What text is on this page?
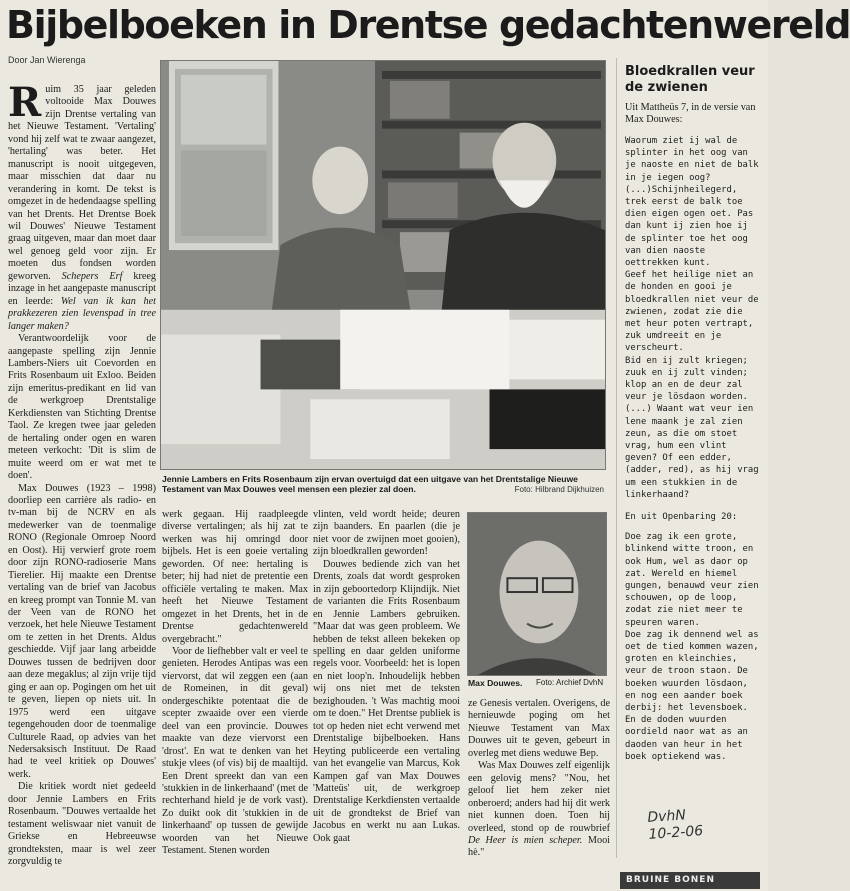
Bijbelboeken in Drentse gedachtenwereld
Door Jan Wierenga

Ruim 35 jaar geleden voltooide Max Douwes zijn Drentse vertaling van het Nieuwe Testament. 'Vertaling' vond hij zelf wat te zwaar aangezet, 'hertaling' was beter. Het manuscript is nooit uitgegeven, maar misschien dat daar nu verandering in komt. De tekst is omgezet in de hedendaagse spelling van het Drents. Het Drentse Boek wil Douwes' Nieuwe Testament graag uitgeven, maar dan moet daar wel genoeg geld voor zijn. Er moeten dus fondsen worden geworven. Schepers Erf kreeg inzage in het aangepaste manuscript en leerde: Wel van ik kan het prakkezeren zien levenspad in tree langer maken?

Verantwoordelijk voor de aangepaste spelling zijn Jennie Lambers-Niers uit Coevorden en Frits Rosenbaum uit Exloo. Beiden zijn emeritus-predikant en lid van de werkgroep Drentstalige Kerkdiensten van Stichting Drentse Taol. Ze kregen twee jaar geleden de hertaling onder ogen en waren meteen verkocht: 'Dit is slim de muite weerd om er wat met te doen'.

Max Douwes (1923 – 1998) doorliep een carrière als radio- en tv-man bij de NCRV en als medewerker van de toenmalige RONO (Regionale Omroep Noord en Oost). Hij verwierf grote roem door zijn RONO-radioserie Mans Tierelier. Hij maakte een Drentse vertaling van de brief van Jacobus en kreeg prompt van Tonnie M. van der Veen van de RONO het verzoek, het hele Nieuwe Testament om te zetten in het Drents. Aldus geschiedde. Vijf jaar lang arbeidde Douwes tussen de bedrijven door aan deze megaklus; al zijn vrije tijd ging er aan op. Pogingen om het uit te geven, liepen op niets uit. In 1975 werd een uitgave tegengehouden door de toenmalige Culturele Raad, op advies van het Nedersaksisch Instituut. De Raad had te veel kritiek op Douwes' werk.

Die kritiek wordt niet gedeeld door Jennie Lambers en Frits Rosenbaum. "Douwes vertaalde het testament weliswaar niet vanuit de Griekse en Hebreeuwse grondteksten, maar is wel zeer zorgvuldig te

Jennie Lambers en Frits Rosenbaum zijn ervan overtuigd dat een uitgave van het Drentstalige Nieuwe Testament van Max Douwes veel mensen een plezier zal doen.	Foto: Hilbrand Dijkhuizen

werk gegaan. Hij raadpleegde diverse vertalingen; als hij zat te werken was hij omringd door bijbels. Het is een goeie vertaling geworden. Of nee: hertaling is beter; hij had niet de pretentie een officiële vertaling te maken. Max heeft het Nieuwe Testament omgezet in het Drents, het in de Drentse gedachtenwereld overgebracht."

Voor de liefhebber valt er veel te genieten. Herodes Antipas was een viervorst, dat wil zeggen een (aan de Romeinen, in dit geval) ondergeschikte potentaat die de scepter zwaaide over een vierde deel van een provincie. Douwes maakte van deze viervorst een 'drost'. En wat te denken van het stukje vlees (of vis) bij de maaltijd. Een Drent spreekt dan van een 'stukkien in de linkerhaand' (met de rechterhand hield je de vork vast). Zo duikt ook dit 'stukkien in de linkerhaand' op tussen de gewijde woorden van het Nieuwe Testament. Stenen worden

vlinten, veld wordt heide; deuren zijn baanders. En paarlen (die je niet voor de zwijnen moet gooien), zijn bloedkrallen geworden!

Douwes bediende zich van het Drents, zoals dat wordt gesproken in zijn geboortedorp Klijndijk. Niet de varianten die Frits Rosenbaum en Jennie Lambers gebruiken. "Maar dat was geen probleem. We hebben de tekst alleen bekeken op spelling en daar gelden uniforme regels voor. Voorbeeld: het is lopen en niet loop'n. Inhoudelijk hebben wij ons niet met de teksten bezighouden. 't Was machtig mooi om te doen." Het Drentse publiek is tot op heden niet echt verwend met Drentstalige bijbelboeken. Hans Heyting publiceerde een vertaling van het evangelie van Marcus, Kok Kampen gaf van Max Douwes 'Matteüs' uit, de werkgroep Drentstalige Kerkdiensten vertaalde uit de grondtekst de Brief van Jacobus en werkt nu aan Lukas. Ook gaat

Max Douwes. Foto: Archief DvhN

ze Genesis vertalen. Overigens, de hernieuwde poging om het Nieuwe Testament van Max Douwes uit te geven, gebeurt in overleg met diens weduwe Bep.

Was Max Douwes zelf eigenlijk een gelovig mens? "Nou, het geloof liet hem zeker niet onberoerd; anders had hij dit werk niet kunnen doen. Toen hij overleed, stond op de rouwbrief De Heer is mien scheper. Mooi hè."

Bloedkrallen veur de zwienen
Uit Mattheüs 7, in de versie van Max Douwes:
Waorum ziet ij wal de splinter in het oog van je naoste en niet de balk in je iegen oog? (...)Schijnheilegerd, trek eerst de balk toe dien eigen ogen oet. Pas dan kunt ij zien hoe ij de splinter toe het oog van dien naoste oettrekken kunt.
Geef het heilige niet an de honden en gooi je bloedkrallen niet veur de zwienen, zodat zie die met heur poten vertrapt, zuk umdreeit en je verscheurt.
Bid en ij zult kriegen; zuuk en ij zult vinden; klop an en de deur zal veur je lösdaon worden. (...) Waant wat veur ien lene maank je zal zien zeun, as die om stoet vrag, hum een vlint geven? Of een edder, (adder, red), as hij vrag um een stukkien in de linkerhaand?
En uit Openbaring 20:
Doe zag ik een grote, blinkend witte troon, en ook Hum, wel as daor op zat. Wereld en hiemel gungen, benauwd veur zien schouwen, op de loop, zodat zie niet meer te speuren waren.
Doe zag ik dennend wel as oet de tied kommen wazen, groten en kleinchies, veur de troon staon. De boeken wuurden lösdaon, en nog een aander boek derbij: het levensboek. En de doden wuurden oordield naor wat as an daoden van heur in het boek optiekend was.
DvhN
10-2-06
BRUINE BONEN
